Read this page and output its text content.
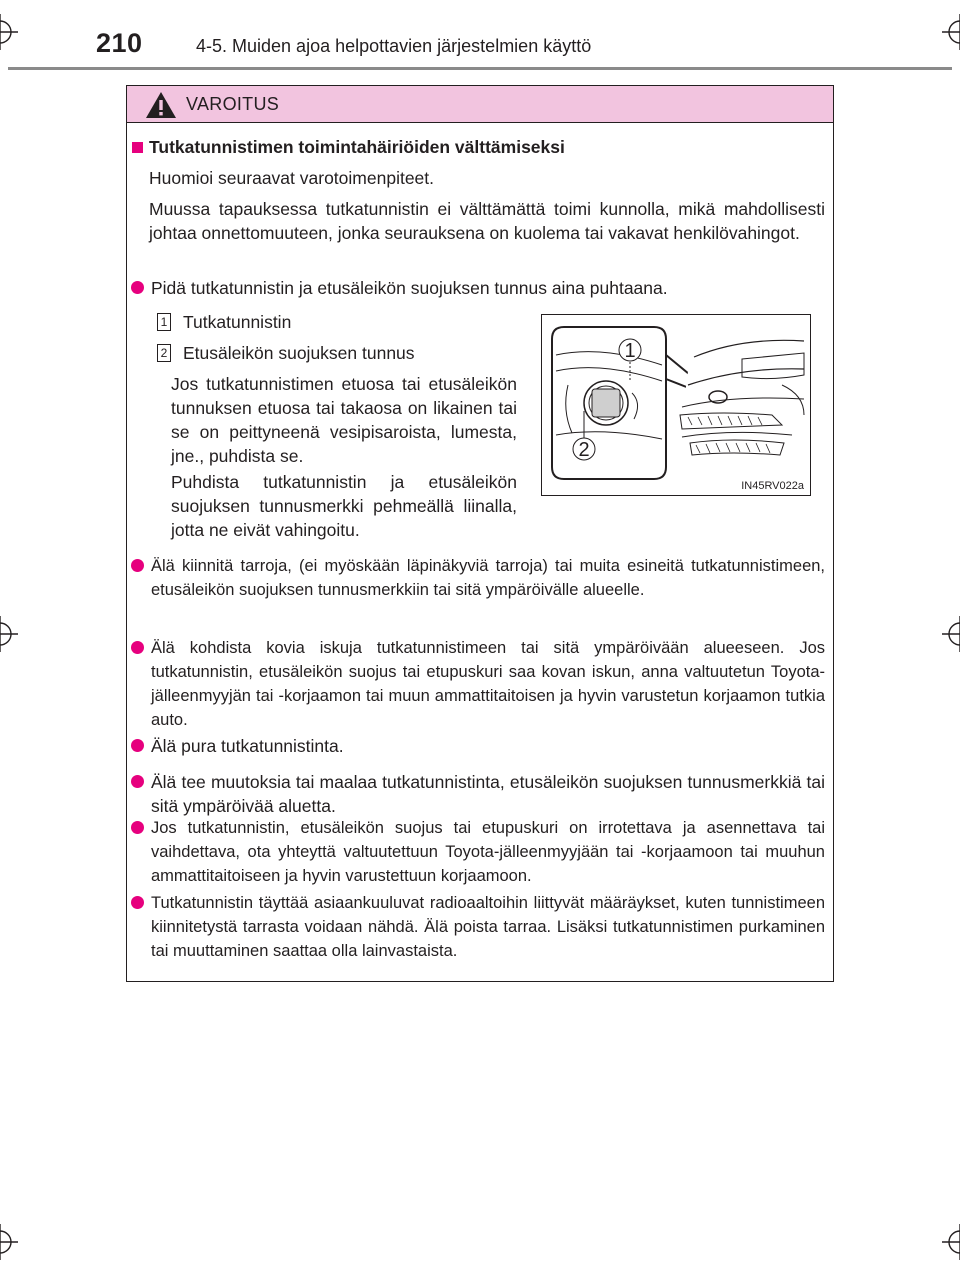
210	4-5. Muiden ajoa helpottavien järjestelmien käyttö
VAROITUS
Tutkatunnistimen toimintahäiriöiden välttämiseksi
Huomioi seuraavat varotoimenpiteet.
Muussa tapauksessa tutkatunnistin ei välttämättä toimi kunnolla, mikä mahdollisesti johtaa onnettomuuteen, jonka seurauksena on kuolema tai vakavat henkilövahingot.
Pidä tutkatunnistin ja etusäleikön suojuksen tunnus aina puhtaana.
1 Tutkatunnistin
2 Etusäleikön suojuksen tunnus
Jos tutkatunnistimen etuosa tai etusäleikön tunnuksen etuosa tai takaosa on likainen tai se on peittyneenä vesipisaroista, lumesta, jne., puhdista se.
Puhdista tutkatunnistin ja etusäleikön suojuksen tunnusmerkki pehmeällä liinalla, jotta ne eivät vahingoitu.
1
2
IN45RV022a
Älä kiinnitä tarroja, (ei myöskään läpinäkyviä tarroja) tai muita esineitä tutkatunnistimeen, etusäleikön suojuksen tunnusmerkkiin tai sitä ympäröivälle alueelle.
Älä kohdista kovia iskuja tutkatunnistimeen tai sitä ympäröivään alueeseen. Jos tutkatunnistin, etusäleikön suojus tai etupuskuri saa kovan iskun, anna valtuutetun Toyota-jälleenmyyjän tai -korjaamon tai muun ammattitaitoisen ja hyvin varustetun korjaamon tutkia auto.
Älä pura tutkatunnistinta.
Älä tee muutoksia tai maalaa tutkatunnistinta, etusäleikön suojuksen tunnusmerkkiä tai sitä ympäröivää aluetta.
Jos tutkatunnistin, etusäleikön suojus tai etupuskuri on irrotettava ja asennettava tai vaihdettava, ota yhteyttä valtuutettuun Toyota-jälleenmyyjään tai -korjaamoon tai muuhun ammattitaitoiseen ja hyvin varustettuun korjaamoon.
Tutkatunnistin täyttää asiaankuuluvat radioaaltoihin liittyvät määräykset, kuten tunnistimeen kiinnitetystä tarrasta voidaan nähdä. Älä poista tarraa. Lisäksi tutkatunnistimen purkaminen tai muuttaminen saattaa olla lainvastaista.
